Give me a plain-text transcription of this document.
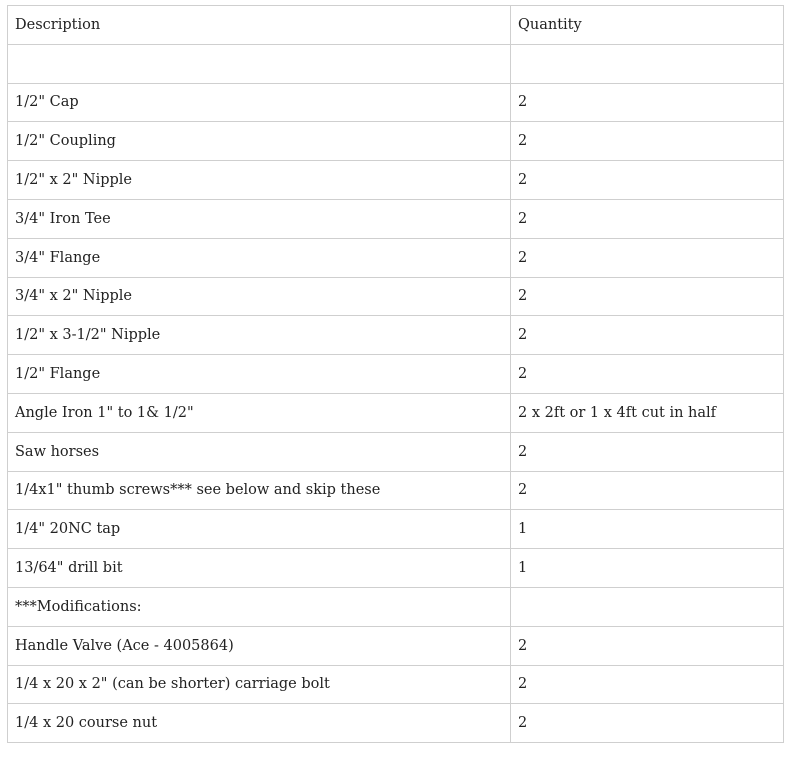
Description	Quantity

1/2" Cap	2
1/2" Coupling	2
1/2" x 2" Nipple	2
3/4" Iron Tee	2
3/4" Flange	2
3/4" x 2" Nipple	2
1/2" x 3-1/2" Nipple	2
1/2" Flange	2
Angle Iron 1" to 1& 1/2"	2 x 2ft or 1 x 4ft cut in half
Saw horses	2
1/4x1" thumb screws*** see below and skip these	2
1/4" 20NC tap	1
13/64" drill bit	1
***Modifications:	
Handle Valve (Ace - 4005864)	2
1/4 x 20 x 2" (can be shorter) carriage bolt	2
1/4 x 20 course nut	2
